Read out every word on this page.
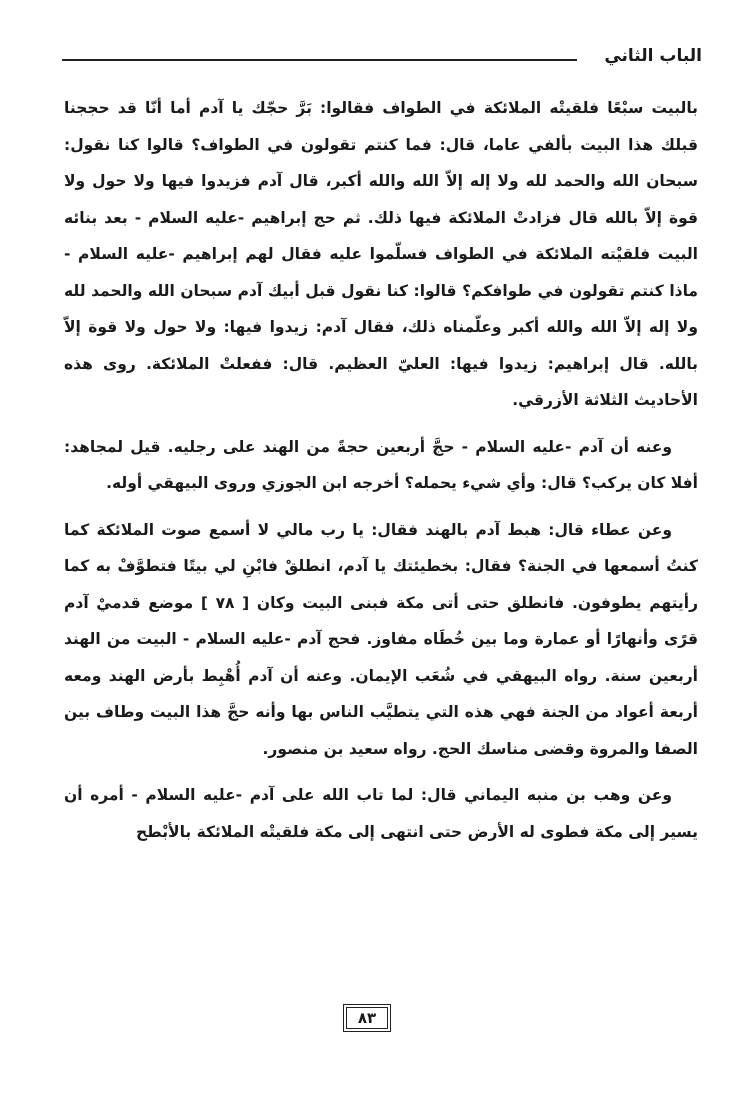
الباب الثاني

بالبيت سبْعًا فلقيتْه الملائكة في الطواف فقالوا: بَرَّ حجّك يا آدم أما أنّا قد حججنا قبلك هذا البيت بألفي عاما، قال: فما كنتم تقولون في الطواف؟ قالوا كنا نقول: سبحان الله والحمد لله ولا إله إلاّ الله والله أكبر، قال آدم فزيدوا فيها ولا حول ولا قوة إلاّ بالله قال فزادتْ الملائكة فيها ذلك. ثم حج إبراهيم -عليه السلام - بعد بنائه البيت فلقيْته الملائكة في الطواف فسلّموا عليه فقال لهم إبراهيم -عليه السلام - ماذا كنتم تقولون في طوافكم؟ قالوا: كنا نقول قبل أبيك آدم سبحان الله والحمد لله ولا إله إلاّ الله والله أكبر وعلّمناه ذلك، فقال آدم: زيدوا فيها: ولا حول ولا قوة إلاّ بالله. قال إبراهيم: زيدوا فيها: العليّ العظيم. قال: ففعلتْ الملائكة. روى هذه الأحاديث الثلاثة الأزرقي.

وعنه أن آدم -عليه السلام - حجَّ أربعين حجةً من الهند على رجليه. قيل لمجاهد: أفلا كان يركب؟ قال: وأي شيء يحمله؟ أخرجه ابن الجوزي وروى البيهقي أوله.

وعن عطاء قال: هبط آدم بالهند فقال: يا رب مالي لا أسمع صوت الملائكة كما كنتُ أسمعها في الجنة؟ فقال: بخطيئتك يا آدم، انطلقْ فابْنِ لي بيتًا فتطوَّفْ به كما رأيتهم يطوفون. فانطلق حتى أتى مكة فبنى البيت وكان [ ٧٨ ] موضع قدميْ آدم قرًى وأنهارًا أو عمارة وما بين خُطَاه مفاوز. فحج آدم -عليه السلام - البيت من الهند أربعين سنة. رواه البيهقي في شُعَب الإيمان. وعنه أن آدم أُهْبِط بأرض الهند ومعه أربعة أعواد من الجنة فهي هذه التي يتطيَّب الناس بها وأنه حجَّ هذا البيت وطاف بين الصفا والمروة وقضى مناسك الحج. رواه سعيد بن منصور.

وعن وهب بن منبه اليماني قال: لما تاب الله على آدم -عليه السلام - أمره أن يسير إلى مكة فطوى له الأرض حتى انتهى إلى مكة فلقيتْه الملائكة بالأبْطح

٨٣
